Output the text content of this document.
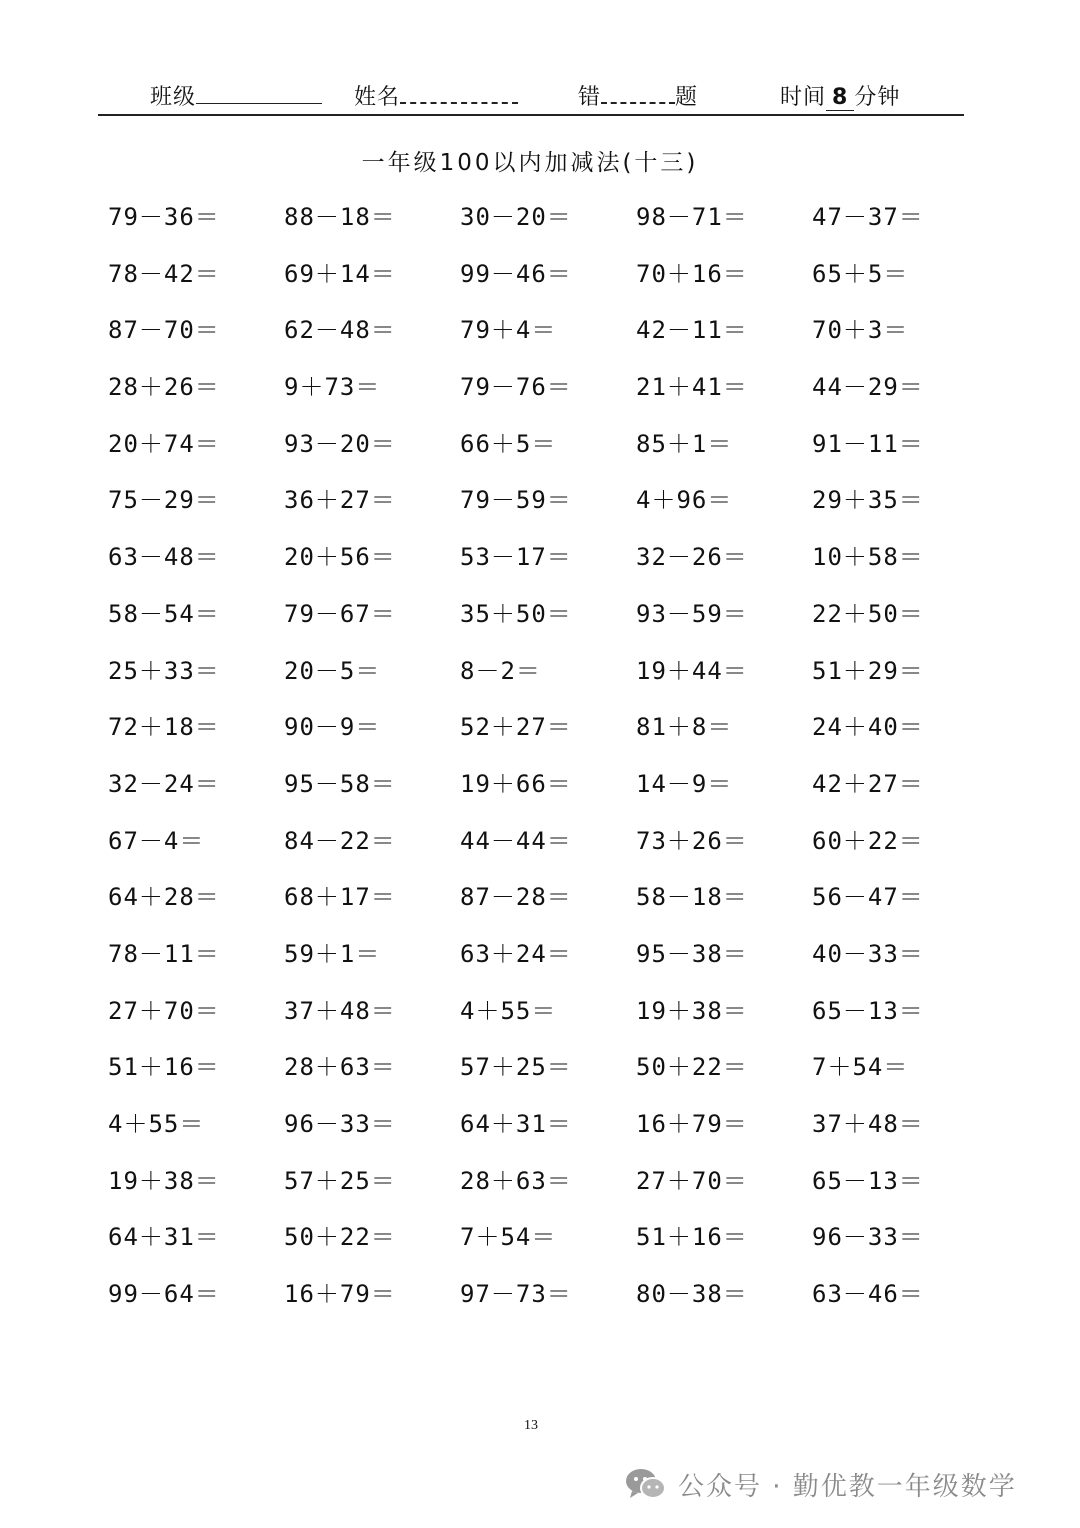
班级	姓名	错	题	时间 8 分钟
一年级100以内加减法(十三)
79－36＝	88－18＝	30－20＝	98－71＝	47－37＝
78－42＝	69＋14＝	99－46＝	70＋16＝	65＋5＝
87－70＝	62－48＝	79＋4＝	42－11＝	70＋3＝
28＋26＝	9＋73＝	79－76＝	21＋41＝	44－29＝
20＋74＝	93－20＝	66＋5＝	85＋1＝	91－11＝
75－29＝	36＋27＝	79－59＝	4＋96＝	29＋35＝
63－48＝	20＋56＝	53－17＝	32－26＝	10＋58＝
58－54＝	79－67＝	35＋50＝	93－59＝	22＋50＝
25＋33＝	20－5＝	8－2＝	19＋44＝	51＋29＝
72＋18＝	90－9＝	52＋27＝	81＋8＝	24＋40＝
32－24＝	95－58＝	19＋66＝	14－9＝	42＋27＝
67－4＝	84－22＝	44－44＝	73＋26＝	60＋22＝
64＋28＝	68＋17＝	87－28＝	58－18＝	56－47＝
78－11＝	59＋1＝	63＋24＝	95－38＝	40－33＝
27＋70＝	37＋48＝	4＋55＝	19＋38＝	65－13＝
51＋16＝	28＋63＝	57＋25＝	50＋22＝	7＋54＝
4＋55＝	96－33＝	64＋31＝	16＋79＝	37＋48＝
19＋38＝	57＋25＝	28＋63＝	27＋70＝	65－13＝
64＋31＝	50＋22＝	7＋54＝	51＋16＝	96－33＝
99－64＝	16＋79＝	97－73＝	80－38＝	63－46＝
13
公众号 · 勤优教一年级数学
